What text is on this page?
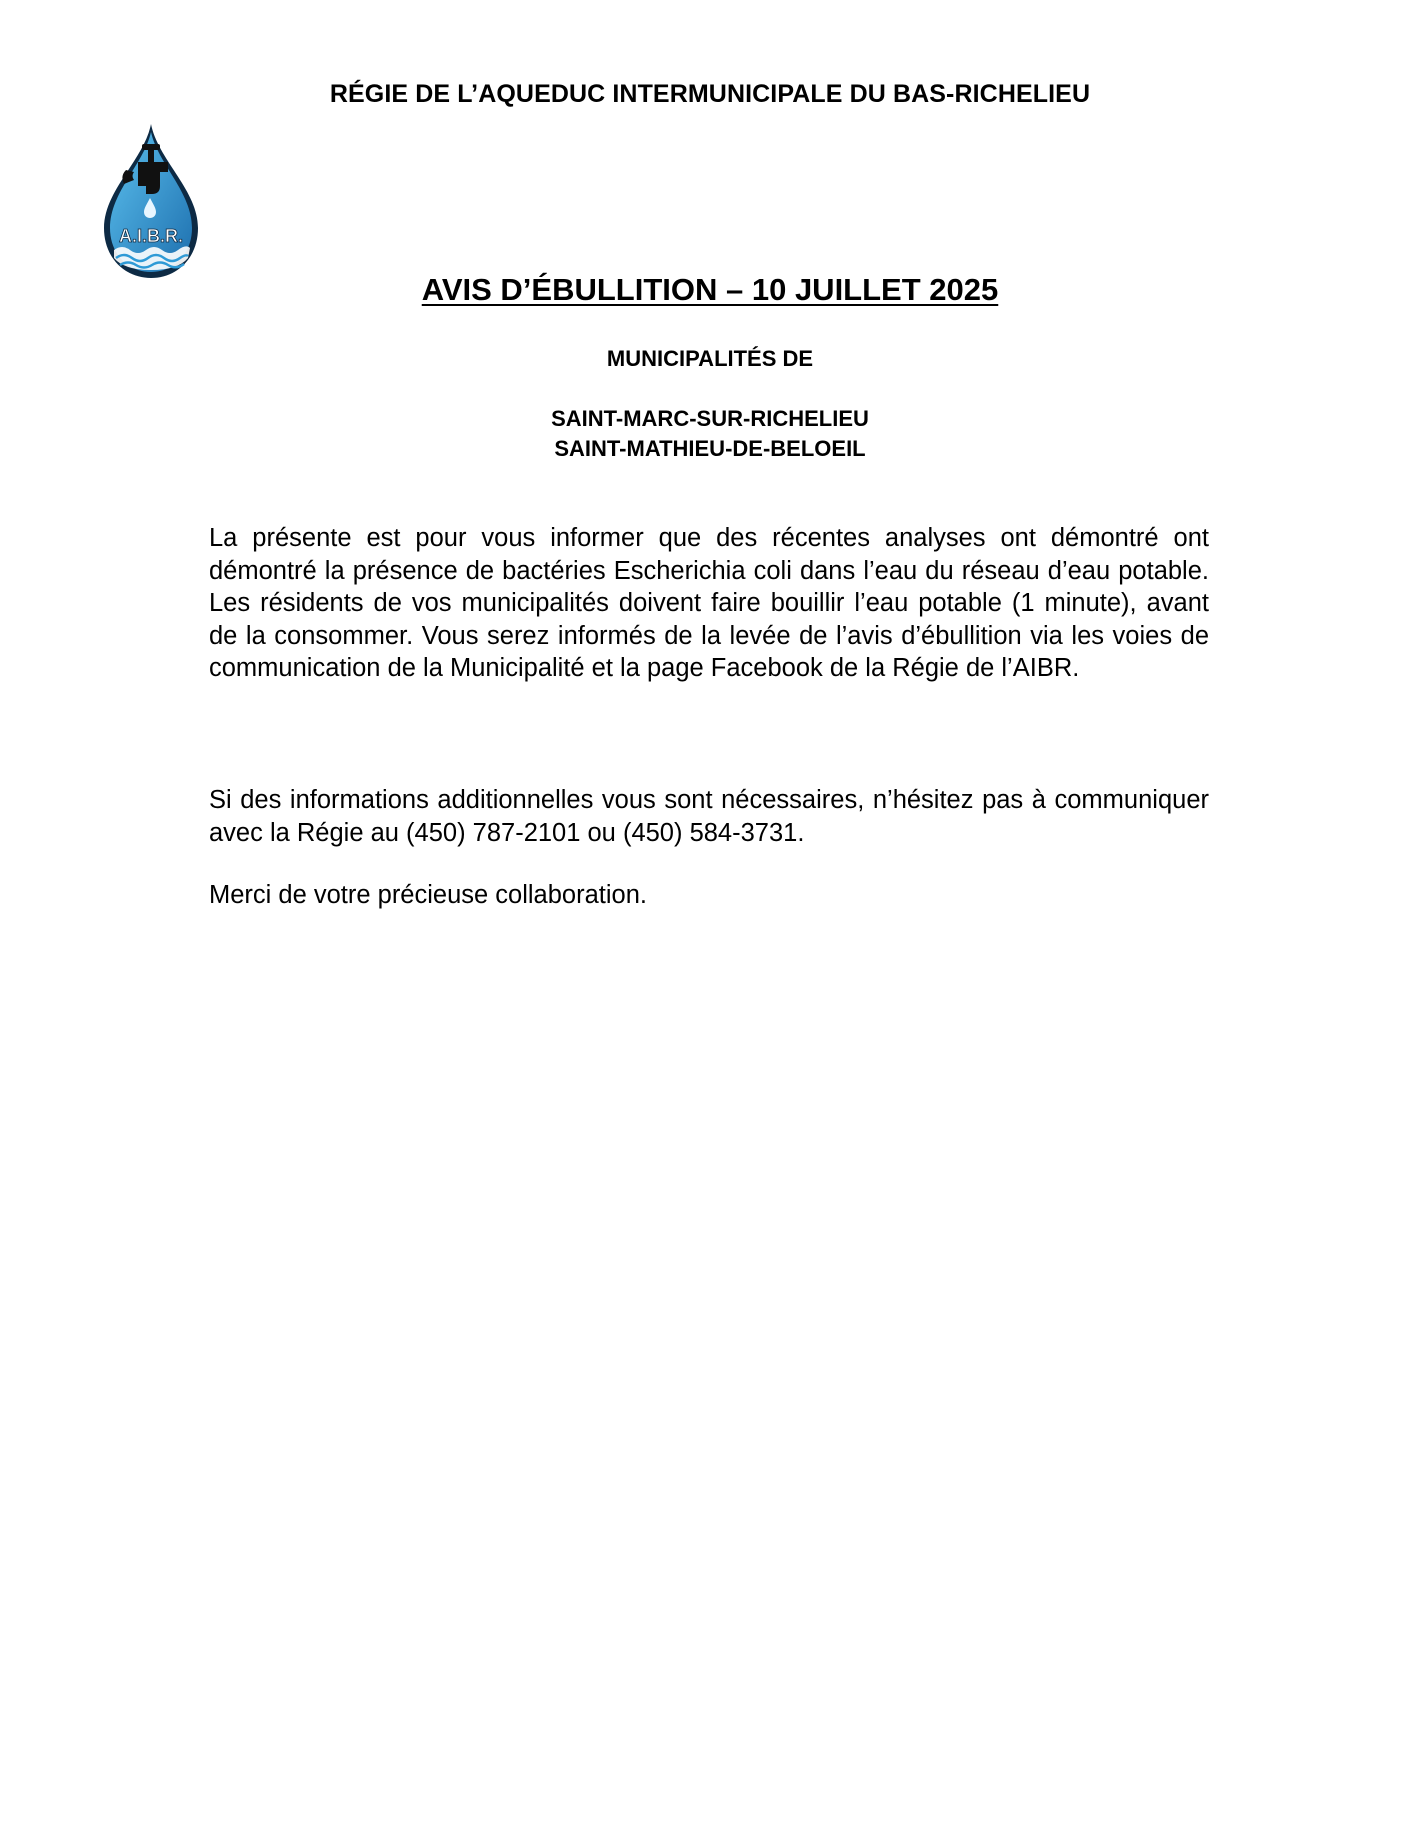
RÉGIE DE L’AQUEDUC INTERMUNICIPALE DU BAS-RICHELIEU
A.I.B.R.
AVIS D’ÉBULLITION – 10 JUILLET 2025
MUNICIPALITÉS DE
SAINT-MARC-SUR-RICHELIEU
SAINT-MATHIEU-DE-BELOEIL

La présente est pour vous informer que des récentes analyses ont démontré ont démontré la présence de bactéries Escherichia coli dans l’eau du réseau d’eau potable. Les résidents de vos municipalités doivent faire bouillir l’eau potable (1 minute), avant de la consommer. Vous serez informés de la levée de l’avis d’ébullition via les voies de communication de la Municipalité et la page Facebook de la Régie de l’AIBR.

Si des informations additionnelles vous sont nécessaires, n’hésitez pas à communiquer avec la Régie au (450) 787-2101 ou (450) 584-3731.

Merci de votre précieuse collaboration.
